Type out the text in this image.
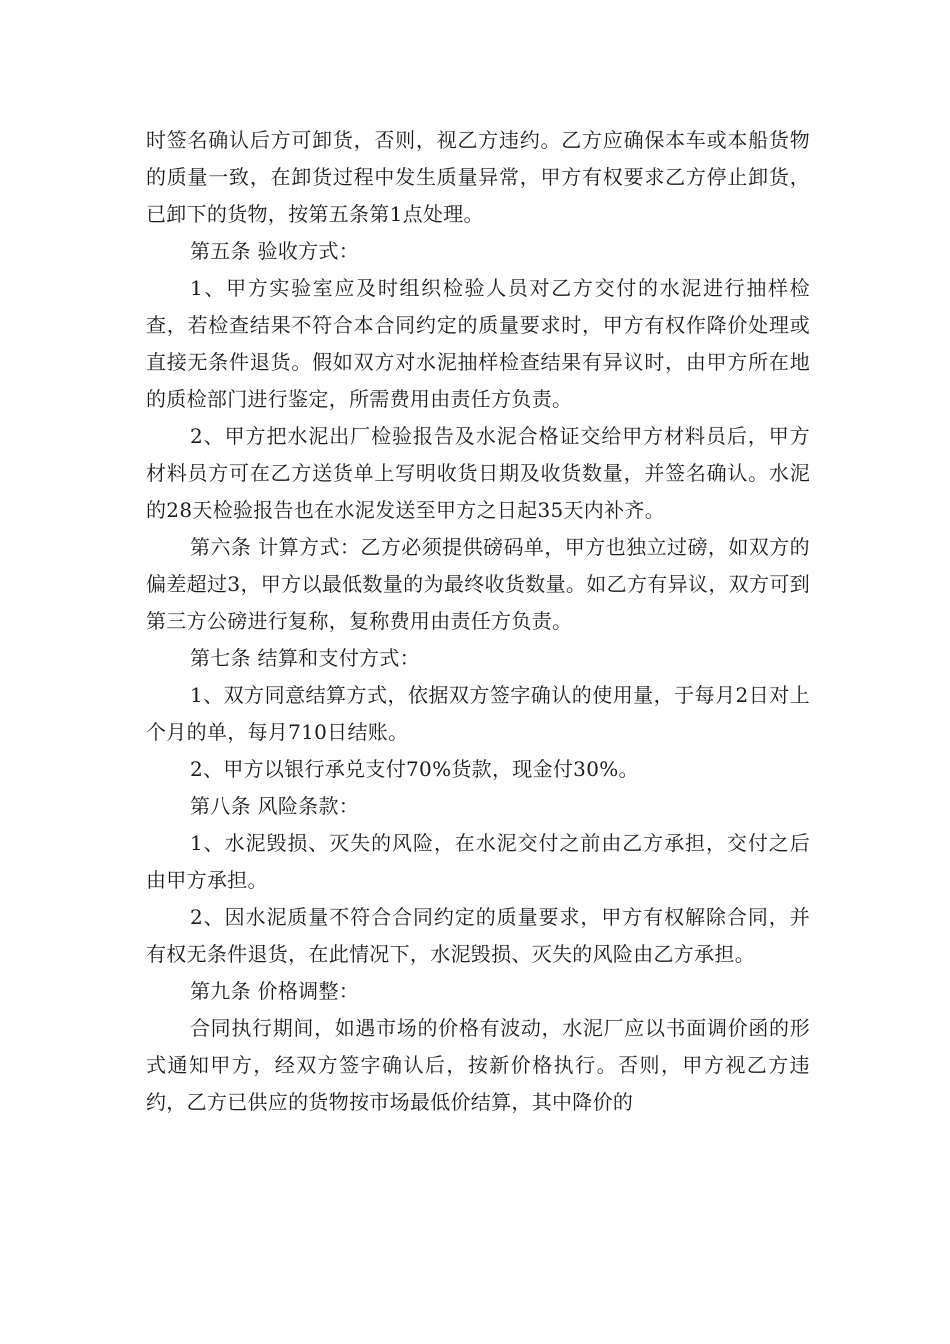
时签名确认后方可卸货，否则，视乙方违约。乙方应确保本车或本船货物的质量一致，在卸货过程中发生质量异常，甲方有权要求乙方停止卸货，已卸下的货物，按第五条第1点处理。

第五条 验收方式：

1、甲方实验室应及时组织检验人员对乙方交付的水泥进行抽样检查，若检查结果不符合本合同约定的质量要求时，甲方有权作降价处理或直接无条件退货。假如双方对水泥抽样检查结果有异议时，由甲方所在地的质检部门进行鉴定，所需费用由责任方负责。

2、甲方把水泥出厂检验报告及水泥合格证交给甲方材料员后，甲方材料员方可在乙方送货单上写明收货日期及收货数量，并签名确认。水泥的28天检验报告也在水泥发送至甲方之日起35天内补齐。

第六条 计算方式：乙方必须提供磅码单，甲方也独立过磅，如双方的偏差超过3，甲方以最低数量的为最终收货数量。如乙方有异议，双方可到第三方公磅进行复称，复称费用由责任方负责。

第七条 结算和支付方式：

1、双方同意结算方式，依据双方签字确认的使用量，于每月2日对上个月的单，每月710日结账。

2、甲方以银行承兑支付70%货款，现金付30%。

第八条 风险条款：

1、水泥毁损、灭失的风险，在水泥交付之前由乙方承担，交付之后由甲方承担。

2、因水泥质量不符合合同约定的质量要求，甲方有权解除合同，并有权无条件退货，在此情况下，水泥毁损、灭失的风险由乙方承担。

第九条 价格调整：

合同执行期间，如遇市场的价格有波动，水泥厂应以书面调价函的形式通知甲方，经双方签字确认后，按新价格执行。否则，甲方视乙方违约，乙方已供应的货物按市场最低价结算，其中降价的
